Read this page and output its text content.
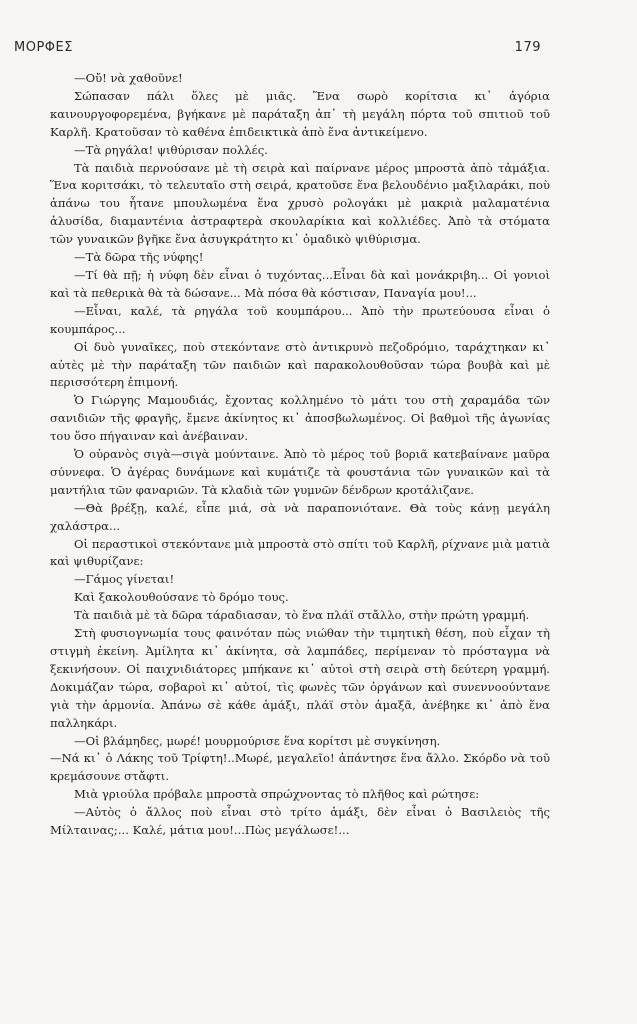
ΜΟΡΦΕΣ	179

—Οὔ! νὰ χαθοῦνε!

Σώπασαν πάλι ὅλες μὲ μιᾶς. Ἕνα σωρὸ κορίτσια κι᾽ ἀγόρια καινουργοφορεμένα, βγήκανε μὲ παράταξη ἀπ᾽ τὴ μεγάλη πόρτα τοῦ σπιτιοῦ τοῦ Καρλῆ. Κρατοῦσαν τὸ καθένα ἐπιδεικτικὰ ἀπὸ ἕνα ἀντικείμενο.

—Τὰ ρηγάλα! ψιθύρισαν πολλές.

Τὰ παιδιὰ περνούσανε μὲ τὴ σειρὰ καὶ παίρνανε μέρος μπροστὰ ἀπὸ τἀμάξια. Ἕνα κοριτσάκι, τὸ τελευταῖο στὴ σειρά, κρατοῦσε ἕνα βελουδένιο μαξιλαράκι, ποὺ ἀπάνω του ἦτανε μπουλωμένα ἕνα χρυσὸ ρολογάκι μὲ μακριὰ μαλαματένια ἁλυσίδα, διαμαντένια ἀστραφτερὰ σκουλαρίκια καὶ κολλιέδες. Ἀπὸ τὰ στόματα τῶν γυναικῶν βγῆκε ἕνα ἀσυγκράτητο κι᾽ ὁμαδικὸ ψιθύρισμα.

—Τὰ δῶρα τῆς νύφης!

—Τί θὰ πῇ; ἡ νύφη δὲν εἶναι ὁ τυχόντας...Εἶναι δὰ καὶ μονάκριβη... Οἱ γονιοὶ καὶ τὰ πεθερικὰ θὰ τὰ δώσανε... Μὰ πόσα θὰ κόστισαν, Παναγία μου!...

—Εἶναι, καλέ, τὰ ρηγάλα τοῦ κουμπάρου... Ἀπὸ τὴν πρωτεύουσα εἶναι ὁ κουμπάρος...

Οἱ δυὸ γυναῖκες, ποὺ στεκόντανε στὸ ἀντικρυνὸ πεζοδρόμιο, ταράχτηκαν κι᾽ αὐτὲς μὲ τὴν παράταξη τῶν παιδιῶν καὶ παρακολουθοῦσαν τώρα βουβὰ καὶ μὲ περισσότερη ἐπιμονή.

Ὁ Γιώργης Μαμουδιάς, ἔχοντας κολλημένο τὸ μάτι του στὴ χαραμάδα τῶν σανιδιῶν τῆς φραγῆς, ἔμενε ἀκίνητος κι᾽ ἀποσβωλωμένος. Οἱ βαθμοὶ τῆς ἀγωνίας του ὅσο πήγαιναν καὶ ἀνέβαιναν.

Ὁ οὐρανὸς σιγὰ—σιγὰ μούνταινε. Ἀπὸ τὸ μέρος τοῦ βοριᾶ κατεβαίνανε μαῦρα σύννεφα. Ὁ ἀγέρας δυνάμωνε καὶ κυμάτιζε τὰ φουστάνια τῶν γυναικῶν καὶ τὰ μαντήλια τῶν φαναριῶν. Τὰ κλαδιὰ τῶν γυμνῶν δένδρων κροτάλιζανε.

—Θὰ βρέξῃ, καλέ, εἶπε μιά, σὰ νὰ παραπονιότανε. Θὰ τοὺς κάνῃ μεγάλη χαλάστρα...

Οἱ περαστικοὶ στεκόντανε μιὰ μπροστὰ στὸ σπίτι τοῦ Καρλῆ, ρίχνανε μιὰ ματιὰ καὶ ψιθυρίζανε:

—Γάμος γίνεται!

Καὶ ξακολουθούσανε τὸ δρόμο τους.

Τὰ παιδιὰ μὲ τὰ δῶρα τάραδιασαν, τὸ ἕνα πλάϊ στἄλλο, στὴν πρώτη γραμμή.

Στὴ φυσιογνωμία τους φαινόταν πὼς νιώθαν τὴν τιμητικὴ θέση, ποὺ εἶχαν τὴ στιγμὴ ἐκείνη. Ἀμίλητα κι᾽ ἀκίνητα, σὰ λαμπάδες, περίμεναν τὸ πρόσταγμα νὰ ξεκινήσουν. Οἱ παιχνιδιάτορες μπήκανε κι᾽ αὐτοὶ στὴ σειρὰ στὴ δεύτερη γραμμή. Δοκιμάζαν τώρα, σοβαροὶ κι᾽ αὐτοί, τὶς φωνὲς τῶν ὀργάνων καὶ συνεννοούντανε γιὰ τὴν ἁρμονία. Ἀπάνω σὲ κάθε ἁμάξι, πλάϊ στὸν ἁμαξᾶ, ἀνέβηκε κι᾽ ἀπὸ ἕνα παλληκάρι.

—Οἱ βλάμηδες, μωρέ! μουρμούρισε ἕνα κορίτσι μὲ συγκίνηση.

—Νά κι᾽ ὁ Λάκης τοῦ Τρίφτη!..Μωρέ, μεγαλεῖο! ἀπάντησε ἕνα ἄλλο. Σκόρδο νὰ τοῦ κρεμάσουνε στἄφτι.

Μιὰ γριούλα πρόβαλε μπροστὰ σπρώχνοντας τὸ πλῆθος καὶ ρώτησε:

—Αὐτὸς ὁ ἄλλος ποὺ εἶναι στὸ τρίτο ἁμάξι, δὲν εἶναι ὁ Βασιλειὸς τῆς Μίλταινας;... Καλέ, μάτια μου!...Πὼς μεγάλωσε!...
